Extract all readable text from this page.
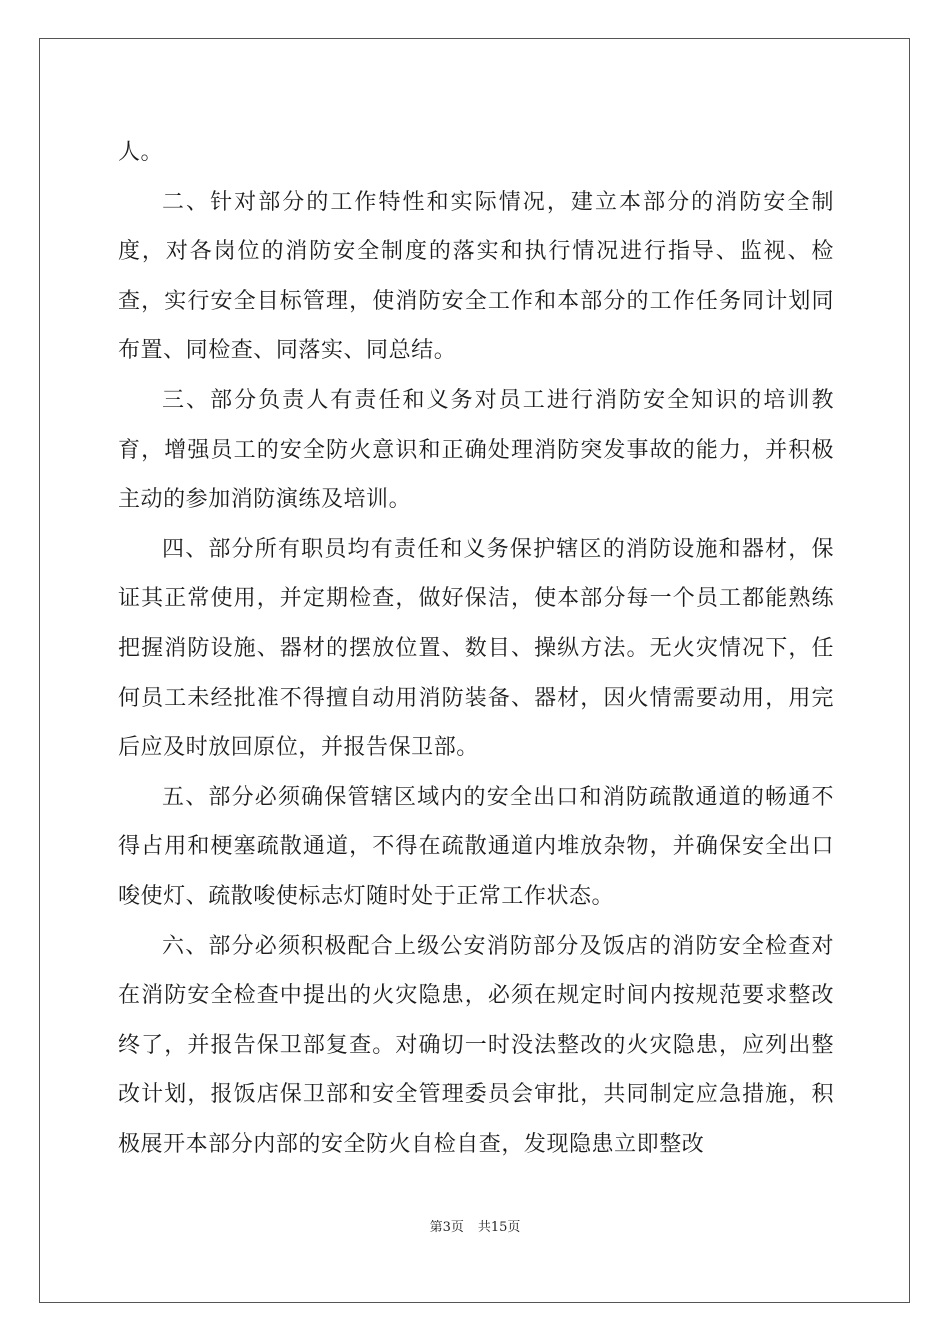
人。

二、针对部分的工作特性和实际情况，建立本部分的消防安全制度，对各岗位的消防安全制度的落实和执行情况进行指导、监视、检查，实行安全目标管理，使消防安全工作和本部分的工作任务同计划同布置、同检查、同落实、同总结。

三、部分负责人有责任和义务对员工进行消防安全知识的培训教育，增强员工的安全防火意识和正确处理消防突发事故的能力，并积极主动的参加消防演练及培训。

四、部分所有职员均有责任和义务保护辖区的消防设施和器材，保证其正常使用，并定期检查，做好保洁，使本部分每一个员工都能熟练把握消防设施、器材的摆放位置、数目、操纵方法。无火灾情况下，任何员工未经批准不得擅自动用消防装备、器材，因火情需要动用，用完后应及时放回原位，并报告保卫部。

五、部分必须确保管辖区域内的安全出口和消防疏散通道的畅通不得占用和梗塞疏散通道，不得在疏散通道内堆放杂物，并确保安全出口唆使灯、疏散唆使标志灯随时处于正常工作状态。

六、部分必须积极配合上级公安消防部分及饭店的消防安全检查对在消防安全检查中提出的火灾隐患，必须在规定时间内按规范要求整改终了，并报告保卫部复查。对确切一时没法整改的火灾隐患，应列出整改计划，报饭店保卫部和安全管理委员会审批，共同制定应急措施，积极展开本部分内部的安全防火自检自查，发现隐患立即整改

第3页 共15页
